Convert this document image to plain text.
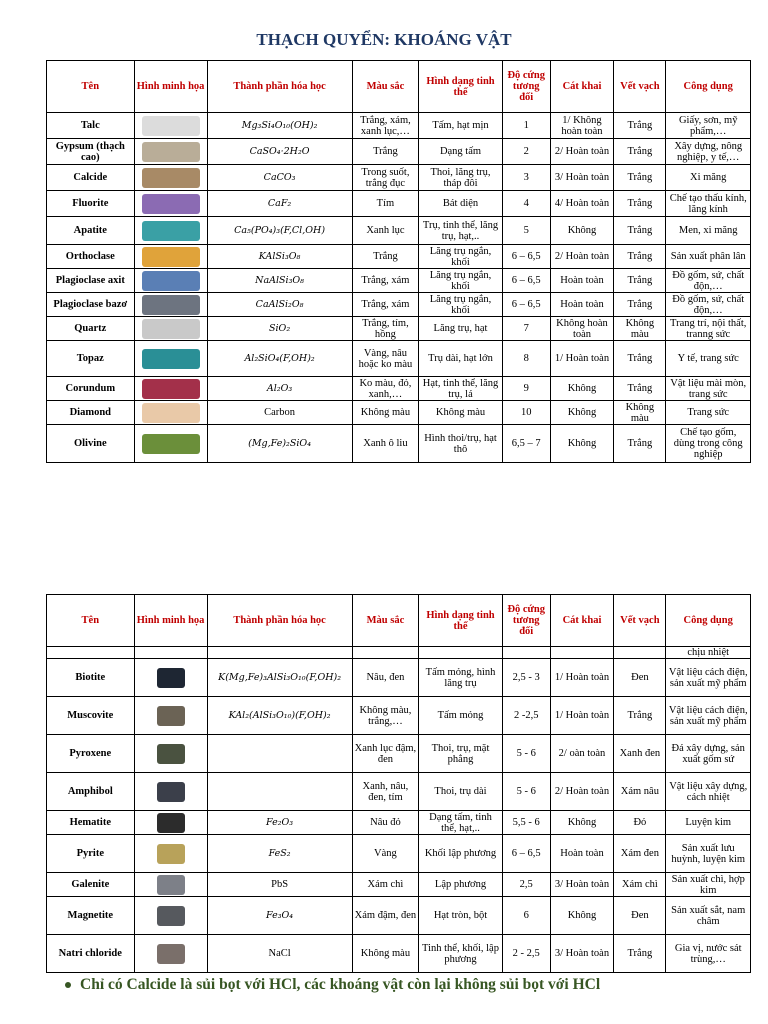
THẠCH QUYỂN: KHOÁNG VẬT
Tên	Hình minh họa	Thành phần hóa học	Màu sắc	Hình dạng tinh thể	Độ cứng tương đối	Cát khai	Vết vạch	Công dụng
Talc		Mg₃Si₄O₁₀(OH)₂	Trắng, xám, xanh lục,…	Tấm, hạt mịn	1	1/ Không hoàn toàn	Trắng	Giấy, sơn, mỹ phẩm,…
Gypsum (thạch cao)		CaSO₄·2H₂O	Trắng	Dạng tấm	2	2/ Hoàn toàn	Trắng	Xây dựng, nông nghiệp, y tế,…
Calcide		CaCO₃	Trong suốt, trắng đục	Thoi, lăng trụ, tháp đôi	3	3/ Hoàn toàn	Trắng	Xi măng
Fluorite		CaF₂	Tím	Bát diện	4	4/ Hoàn toàn	Trắng	Chế tạo thấu kính, lăng kính
Apatite		Ca₅(PO₄)₃(F,Cl,OH)	Xanh lục	Trụ, tinh thể, lăng trụ, hạt,..	5	Không	Trắng	Men, xi măng
Orthoclase		KAlSi₃O₈	Trắng	Lăng trụ ngắn, khối	6 – 6,5	2/ Hoàn toàn	Trắng	Sản xuất phân lân
Plagioclase axit		NaAlSi₃O₈	Trắng, xám	Lăng trụ ngắn, khối	6 – 6,5	Hoàn toàn	Trắng	Đồ gốm, sứ, chất độn,…
Plagioclase bazơ		CaAlSi₂O₈	Trắng, xám	Lăng trụ ngắn, khối	6 – 6,5	Hoàn toàn	Trắng	Đồ gốm, sứ, chất độn,…
Quartz		SiO₂	Trắng, tím, hồng	Lăng trụ, hạt	7	Không hoàn toàn	Không màu	Trang trí, nội thất, tranng sức
Topaz		Al₂SiO₄(F,OH)₂	Vàng, nâu hoặc ko màu	Trụ dài, hạt lớn	8	1/ Hoàn toàn	Trắng	Y tế, trang sức
Corundum		Al₂O₃	Ko màu, đỏ, xanh,…	Hạt, tinh thể, lăng trụ, lá	9	Không	Trắng	Vật liệu mài mòn, trang sức
Diamond		Carbon	Không màu	Không màu	10	Không	Không màu	Trang sức
Olivine		(Mg,Fe)₂SiO₄	Xanh ô liu	Hình thoi/trụ, hạt thô	6,5 – 7	Không	Trắng	Chế tạo gốm, dùng trong công nghiệp
Tên	Hình minh họa	Thành phần hóa học	Màu sắc	Hình dạng tinh thể	Độ cứng tương đối	Cát khai	Vết vạch	Công dụng
								chịu nhiệt
Biotite		K(Mg,Fe)₃AlSi₃O₁₀(F,OH)₂	Nâu, đen	Tấm mỏng, hình lăng trụ	2,5 - 3	1/ Hoàn toàn	Đen	Vật liệu cách điện, sản xuất mỹ phẩm
Muscovite		KAl₂(AlSi₃O₁₀)(F,OH)₂	Không màu, trắng,…	Tấm mỏng	2 -2,5	1/ Hoàn toàn	Trắng	Vật liệu cách điện, sản xuất mỹ phẩm
Pyroxene			Xanh lục đậm, đen	Thoi, trụ, mặt phẳng	5 - 6	2/ oàn toàn	Xanh đen	Đá xây dựng, sản xuất gốm sứ
Amphibol			Xanh, nâu, đen, tím	Thoi, trụ dài	5 - 6	2/ Hoàn toàn	Xám nâu	Vật liệu xây dựng, cách nhiệt
Hematite		Fe₂O₃	Nâu đỏ	Dạng tấm, tinh thể, hạt,..	5,5 - 6	Không	Đỏ	Luyện kim
Pyrite		FeS₂	Vàng	Khối lập phương	6 – 6,5	Hoàn toàn	Xám đen	Sản xuất lưu huỳnh, luyện kim
Galenite		PbS	Xám chì	Lập phương	2,5	3/ Hoàn toàn	Xám chì	Sản xuất chì, hợp kim
Magnetite		Fe₃O₄	Xám đậm, đen	Hạt tròn, bột	6	Không	Đen	Sản xuất sắt, nam châm
Natri chloride		NaCl	Không màu	Tinh thể, khối, lập phương	2 - 2,5	3/ Hoàn toàn	Trắng	Gia vị, nước sát trùng,…
Chỉ có Calcide là sủi bọt với HCl, các khoáng vật còn lại không sủi bọt với HCl
